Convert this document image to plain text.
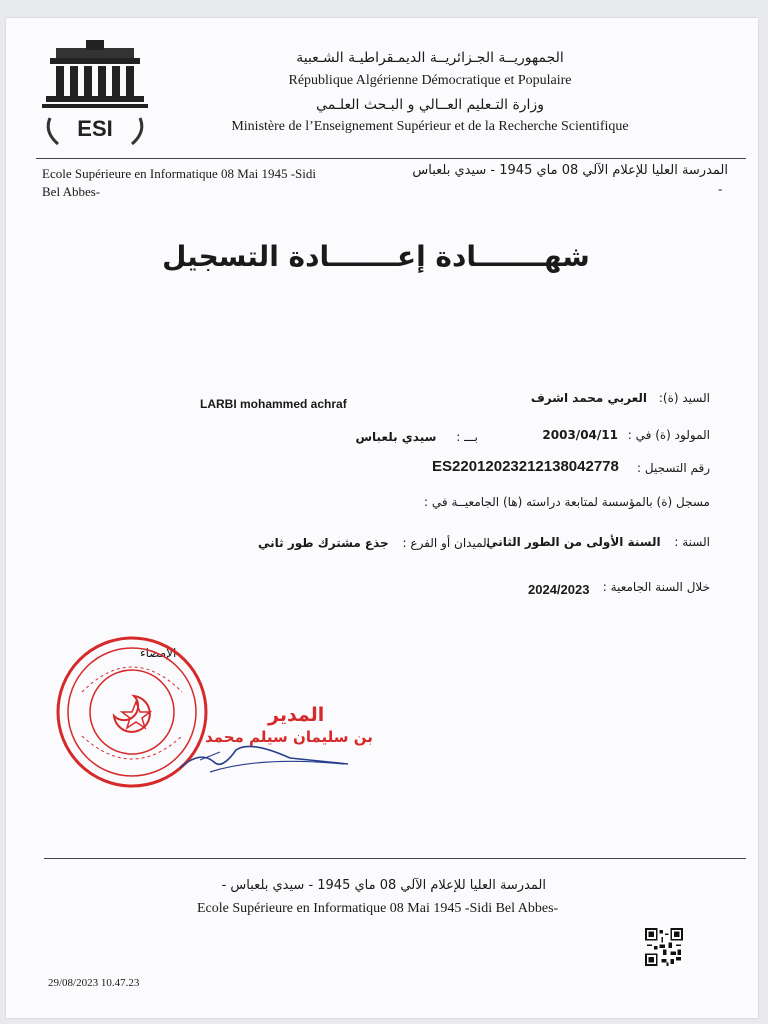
ESI
الجمهوريــة الجـزائريــة الديمـقراطيـة الشـعبية
République Algérienne Démocratique et Populaire
وزارة التـعليم العــالي و البـحث العلـمي
Ministère de l’Enseignement Supérieur et de la Recherche Scientifique
Ecole Supérieure en Informatique 08 Mai 1945 -Sidi
Bel Abbes-
المدرسة العليا للإعلام الآلي 08 ماي 1945 - سيدي بلعباس
-
شهـــــــادة إعـــــــادة التسجيل
LARBI mohammed achraf	السيد (ة): العربي محمد اشرف
المولود (ة) في : 2003/04/11
بـــ : سيدي بلعباس
رقم التسجيل :
ES22012023212138042778
مسجل (ة) بالمؤسسة لمتابعة دراسته (ها) الجامعيــة في :
السنة : السنة الأولى من الطور الثاني
الميدان أو الفرع : جذع مشترك طور ثاني
خلال السنة الجامعية :
2024/2023
الإمضاء
المدير
بن سليمان سيلم محمد
المدرسة العليا للإعلام الآلي 08 ماي 1945 - سيدي بلعباس -
Ecole Supérieure en Informatique 08 Mai 1945 -Sidi Bel Abbes-
29/08/2023 10.47.23
